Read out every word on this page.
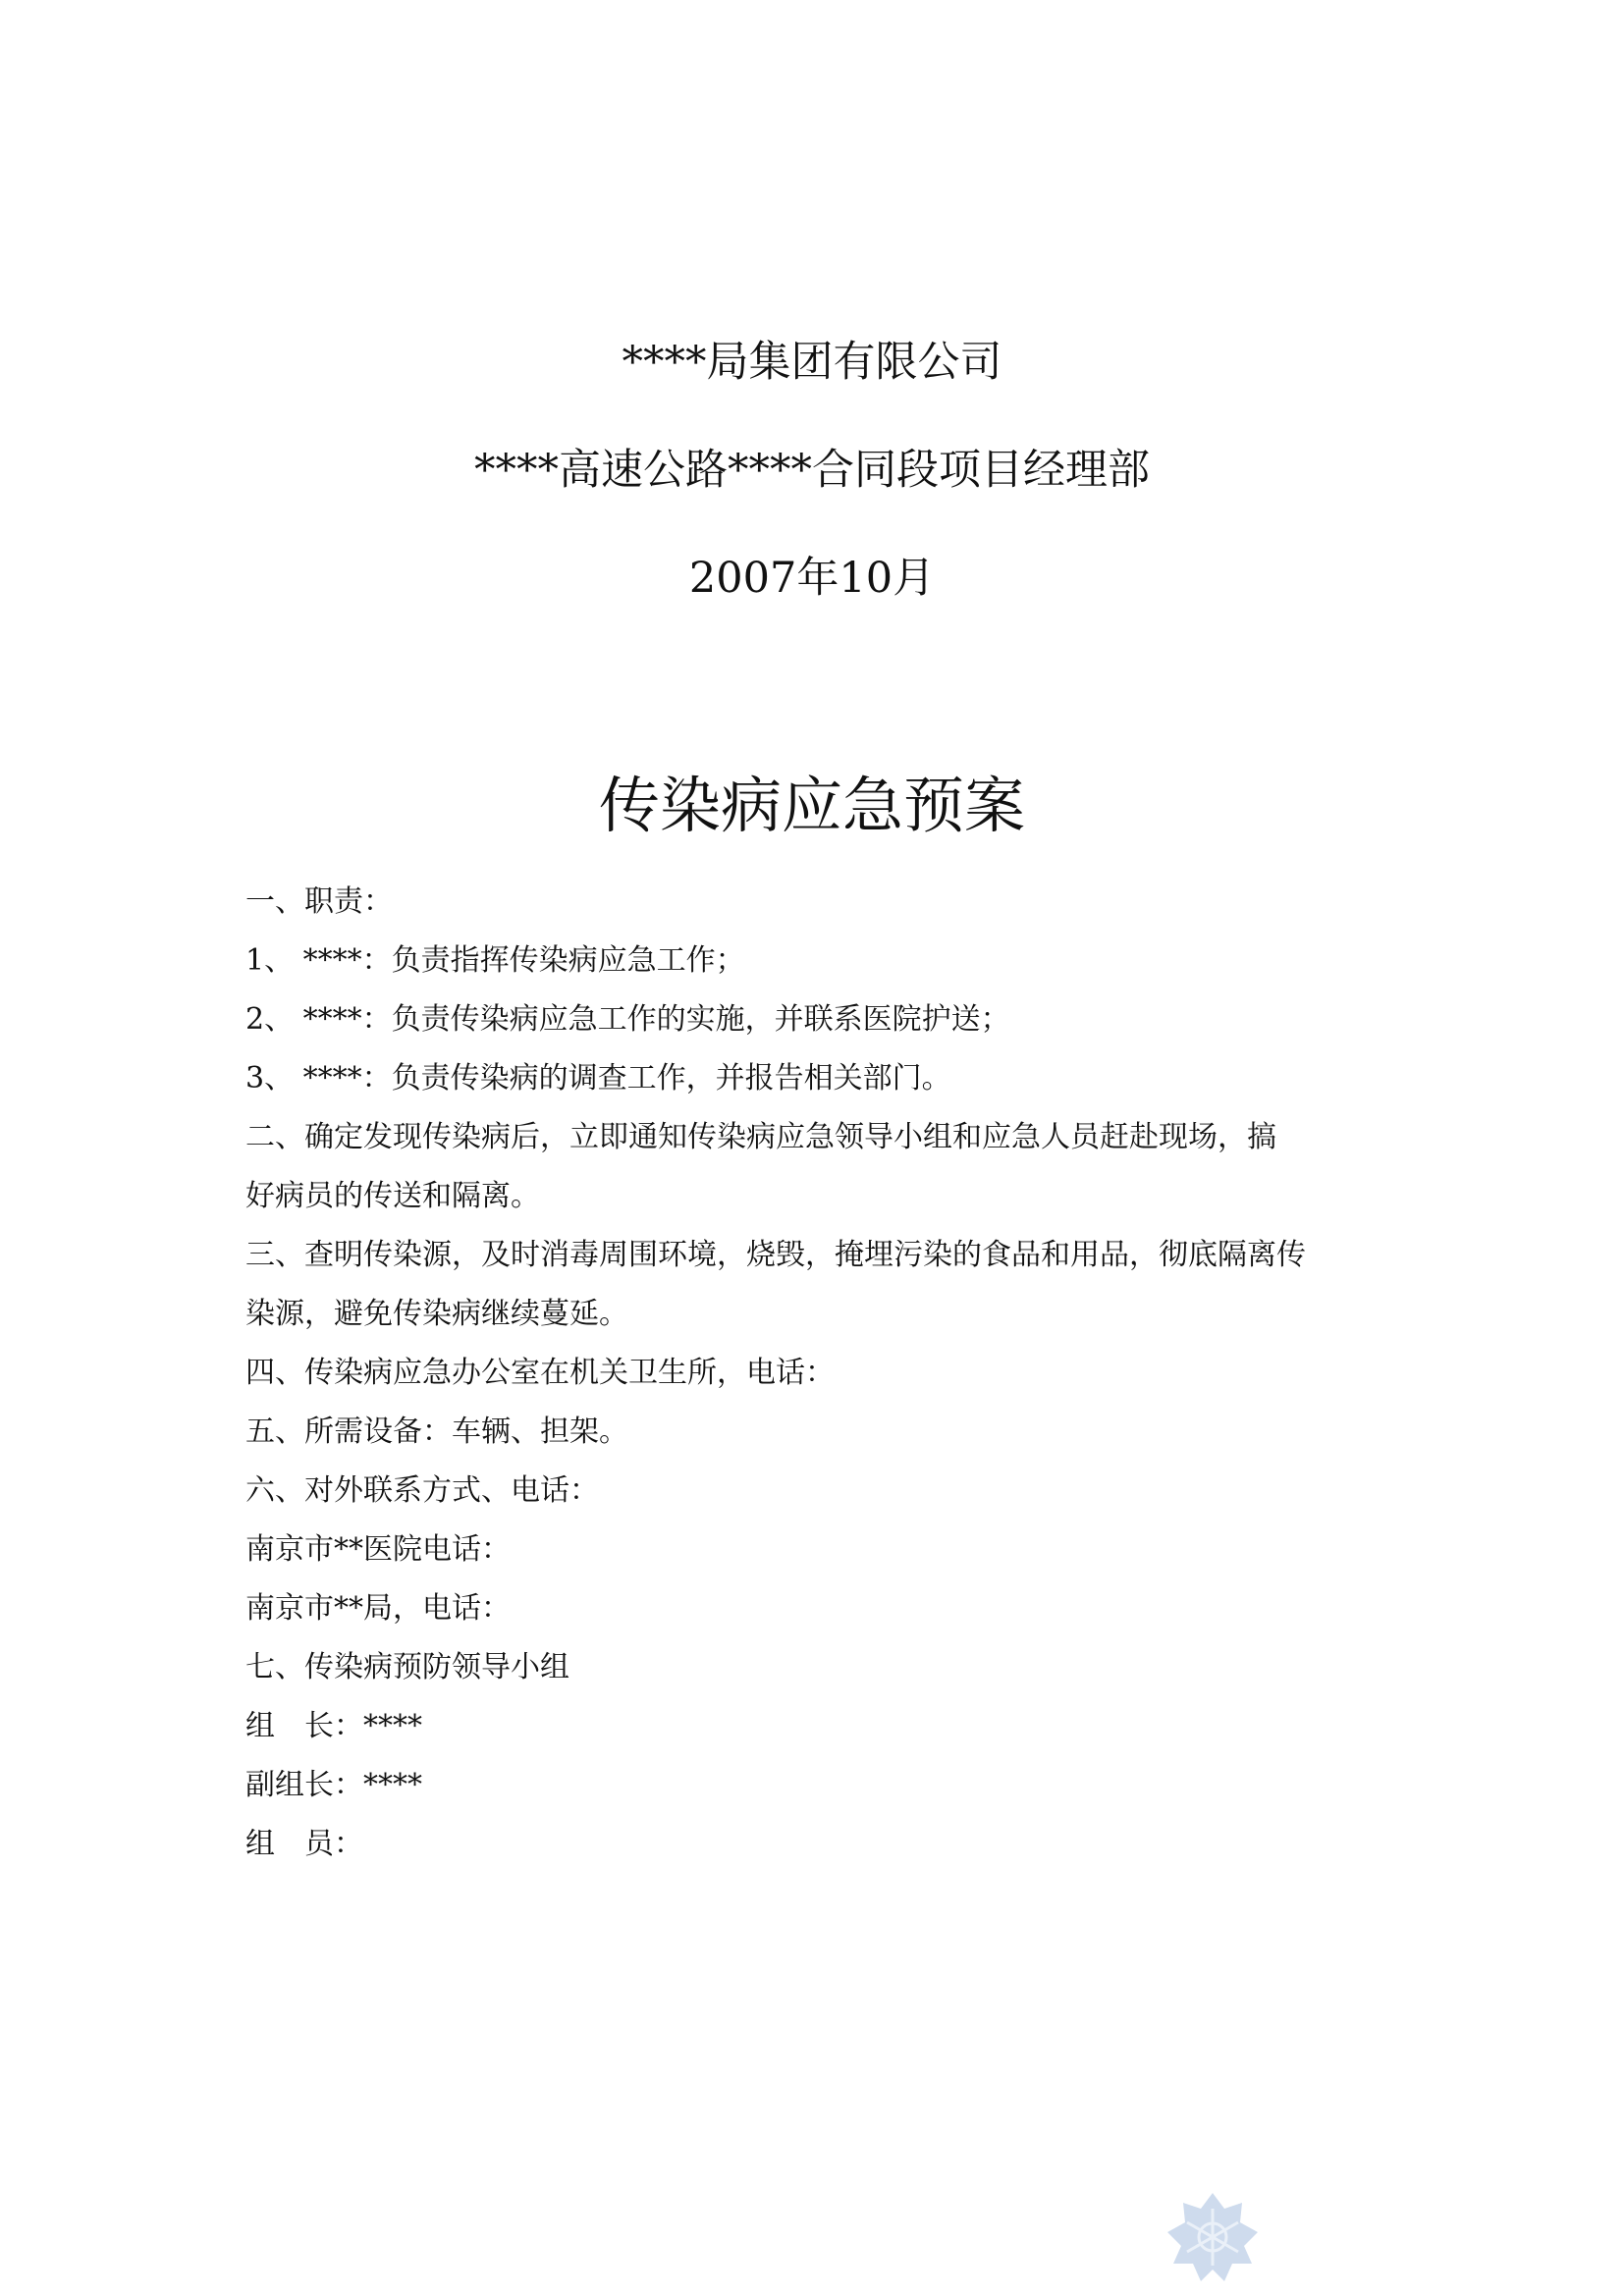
****局集团有限公司
****高速公路****合同段项目经理部
2007年10月
传染病应急预案
一、职责：
1、 ****：负责指挥传染病应急工作；
2、 ****：负责传染病应急工作的实施，并联系医院护送；
3、 ****：负责传染病的调查工作，并报告相关部门。
二、确定发现传染病后，立即通知传染病应急领导小组和应急人员赶赴现场，搞
好病员的传送和隔离。
三、查明传染源，及时消毒周围环境，烧毁，掩埋污染的食品和用品，彻底隔离传
染源，避免传染病继续蔓延。
四、传染病应急办公室在机关卫生所，电话：
五、所需设备：车辆、担架。
六、对外联系方式、电话：
南京市**医院电话：
南京市**局，电话：
七、传染病预防领导小组
组　长：****
副组长：****
组　员：
